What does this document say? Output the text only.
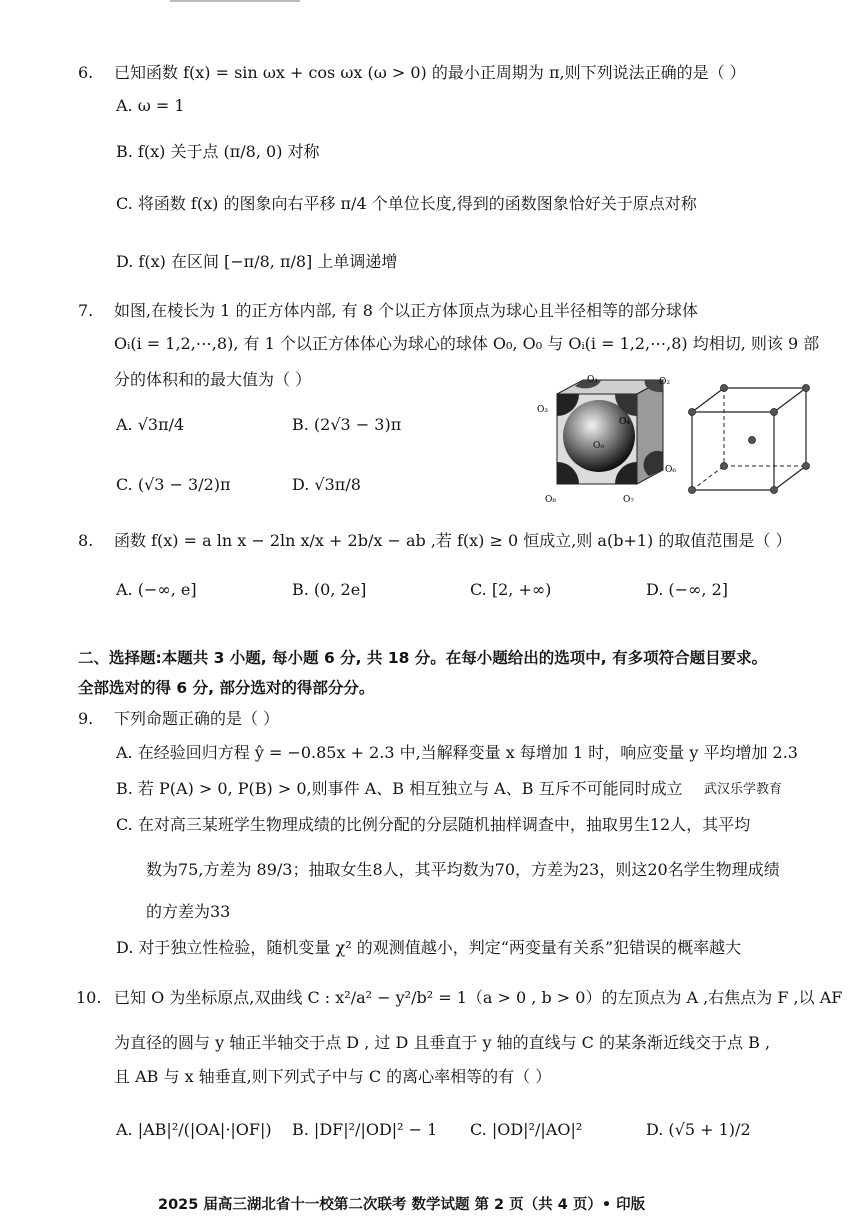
6. 已知函数 f(x) = sin ωx + cos ωx (ω > 0) 的最小正周期为 π,则下列说法正确的是（ ）
A. ω = 1
B. f(x) 关于点 (π/8, 0) 对称
C. 将函数 f(x) 的图象向右平移 π/4 个单位长度,得到的函数图象恰好关于原点对称
D. f(x) 在区间 [−π/8, π/8] 上单调递增
7. 如图,在棱长为 1 的正方体内部, 有 8 个以正方体顶点为球心且半径相等的部分球体
Oᵢ(i = 1,2,⋯,8), 有 1 个以正方体体心为球心的球体 O₀, O₀ 与 Oᵢ(i = 1,2,⋯,8) 均相切, 则该 9 部
分的体积和的最大值为（ ）
A. √3π/4	B. (2√3 − 3)π
C. (√3 − 3/2)π	D. √3π/8
O₁	O₂
O₃
O₄
O₀
O₆
O₈	O₇
8. 函数 f(x) = a ln x − 2ln x/x + 2b/x − ab ,若 f(x) ≥ 0 恒成立,则 a(b+1) 的取值范围是（ ）
A. (−∞, e]	B. (0, 2e]	C. [2, +∞)	D. (−∞, 2]
二、选择题:本题共 3 小题, 每小题 6 分, 共 18 分。在每小题给出的选项中, 有多项符合题目要求。
全部选对的得 6 分, 部分选对的得部分分。
9. 下列命题正确的是（ ）
A. 在经验回归方程 ŷ = −0.85x + 2.3 中,当解释变量 x 每增加 1 时，响应变量 y 平均增加 2.3
B. 若 P(A) > 0, P(B) > 0,则事件 A、B 相互独立与 A、B 互斥不可能同时成立 武汉乐学教育
C. 在对高三某班学生物理成绩的比例分配的分层随机抽样调查中，抽取男生12人，其平均
数为75,方差为 89/3；抽取女生8人，其平均数为70，方差为23，则这20名学生物理成绩
的方差为33
D. 对于独立性检验，随机变量 χ² 的观测值越小，判定“两变量有关系”犯错误的概率越大
10. 已知 O 为坐标原点,双曲线 C : x²/a² − y²/b² = 1（a > 0 , b > 0）的左顶点为 A ,右焦点为 F ,以 AF
为直径的圆与 y 轴正半轴交于点 D , 过 D 且垂直于 y 轴的直线与 C 的某条渐近线交于点 B ,
且 AB 与 x 轴垂直,则下列式子中与 C 的离心率相等的有（ ）
A. |AB|²/(|OA|·|OF|) B. |DF|²/|OD|² − 1 C. |OD|²/|AO|²	D. (√5 + 1)/2
2025 届高三湖北省十一校第二次联考 数学试题 第 2 页（共 4 页）• 印版
